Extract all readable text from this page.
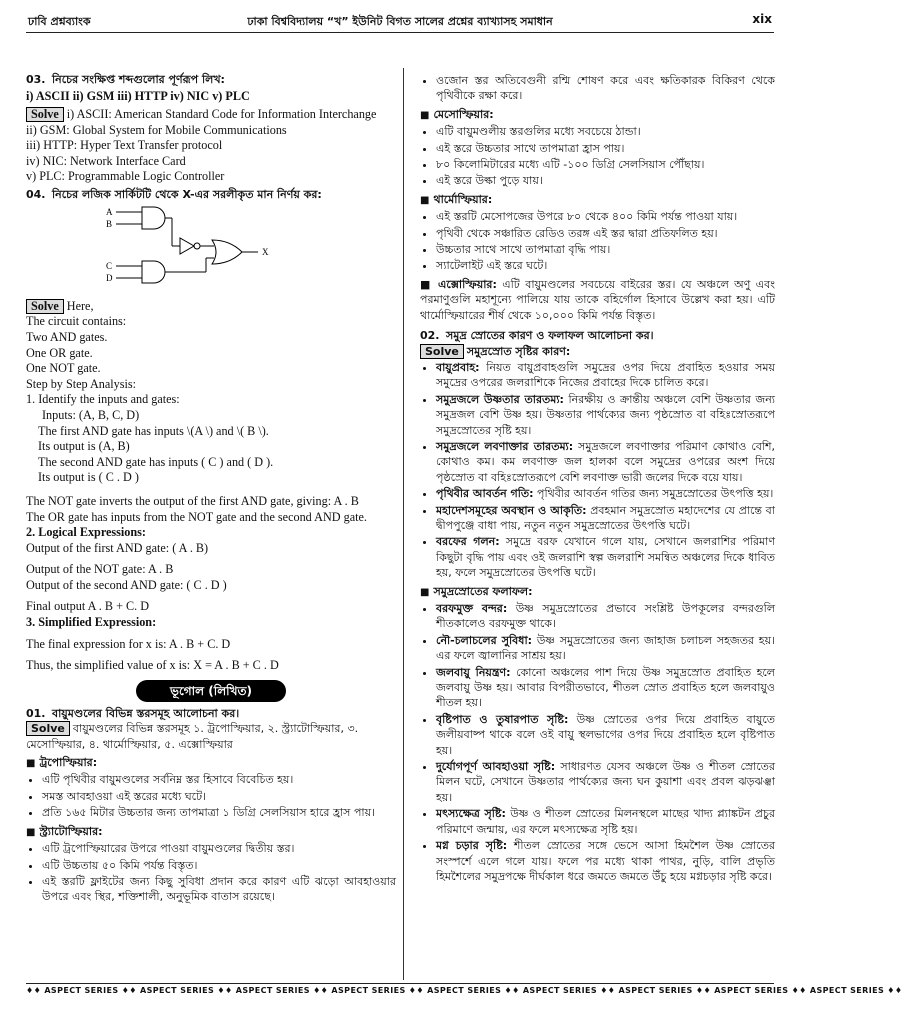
ঢাবি প্রশ্নব্যাংক	ঢাকা বিশ্ববিদ্যালয় “খ” ইউনিট বিগত সালের প্রশ্নের ব্যাখ্যাসহ সমাধান	xix
03. নিচের সংক্ষিপ্ত শব্দগুলোর পূর্ণরূপ লিখ:
i) ASCII ii) GSM iii) HTTP iv) NIC v) PLC
Solve i) ASCII: American Standard Code for Information Interchange
ii) GSM: Global System for Mobile Communications
iii) HTTP: Hyper Text Transfer protocol
iv) NIC: Network Interface Card
v) PLC: Programmable Logic Controller
04. নিচের লজিক সার্কিটটি থেকে X-এর সরলীকৃত মান নির্ণয় কর:
A
B
C
D
X
Solve Here,
The circuit contains:
Two AND gates.
One OR gate.
One NOT gate.
Step by Step Analysis:
1. Identify the inputs and gates:
Inputs: (A, B, C, D)
The first AND gate has inputs \(A \) and \( B \).
Its output is (A, B)
The second AND gate has inputs ( C ) and ( D ).
Its output is ( C . D )
The NOT gate inverts the output of the first AND gate, giving: A . B
The OR gate has inputs from the NOT gate and the second AND gate.
2. Logical Expressions:
Output of the first AND gate: ( A . B)
Output of the NOT gate: A . B
Output of the second AND gate: ( C . D )
Final output A . B + C. D
3. Simplified Expression:
The final expression for x is: A . B + C. D
Thus, the simplified value of x is: X = A . B + C . D
ভূগোল (লিখিত)
01. বায়ুমণ্ডলের বিভিন্ন স্তরসমূহ আলোচনা কর।
Solve বায়ুমণ্ডলের বিভিন্ন স্তরসমূহ ১. ট্রপোস্ফিয়ার, ২. স্ট্র্যাটোস্ফিয়ার, ৩. মেসোস্ফিয়ার, ৪. থার্মোস্ফিয়ার, ৫. এক্সোস্ফিয়ার
■ ট্রপোস্ফিয়ার:
• এটি পৃথিবীর বায়ুমণ্ডলের সর্বনিম্ন স্তর হিসাবে বিবেচিত হয়।
• সমস্ত আবহাওয়া এই স্তরের মধ্যে ঘটে।
• প্রতি ১৬৫ মিটার উচ্চতার জন্য তাপমাত্রা ১ ডিগ্রি সেলসিয়াস হারে হ্রাস পায়।
■ স্ট্র্যাটোস্ফিয়ার:
• এটি ট্রপোস্ফিয়ারের উপরে পাওয়া বায়ুমণ্ডলের দ্বিতীয় স্তর।
• এটি উচ্চতায় ৫০ কিমি পর্যন্ত বিস্তৃত।
• এই স্তরটি ফ্লাইটের জন্য কিছু সুবিধা প্রদান করে কারণ এটি ঝড়ো আবহাওয়ার উপরে এবং স্থির, শক্তিশালী, অনুভূমিক বাতাস রয়েছে।
• ওজোন স্তর অতিবেগুনী রশ্মি শোষণ করে এবং ক্ষতিকারক বিকিরণ থেকে পৃথিবীকে রক্ষা করে।
■ মেসোস্ফিয়ার:
• এটি বায়ুমণ্ডলীয় স্তরগুলির মধ্যে সবচেয়ে ঠান্ডা।
• এই স্তরে উচ্চতার সাথে তাপমাত্রা হ্রাস পায়।
• ৮০ কিলোমিটারের মধ্যে এটি -১০০ ডিগ্রি সেলসিয়াস পৌঁছায়।
• এই স্তরে উল্কা পুড়ে যায়।
■ থার্মোস্ফিয়ার:
• এই স্তরটি মেসোপজের উপরে ৮০ থেকে ৪০০ কিমি পর্যন্ত পাওয়া যায়।
• পৃথিবী থেকে সঞ্চারিত রেডিও তরঙ্গ এই স্তর দ্বারা প্রতিফলিত হয়।
• উচ্চতার সাথে সাথে তাপমাত্রা বৃদ্ধি পায়।
• স্যাটেলাইট এই স্তরে ঘটে।
■ এক্সোস্ফিয়ার: এটি বায়ুমণ্ডলের সবচেয়ে বাইরের স্তর। যে অঞ্চলে অণু এবং পরমাণুগুলি মহাশূন্যে পালিয়ে যায় তাকে বহির্গোল হিসাবে উল্লেখ করা হয়। এটি থার্মোস্ফিয়ারের শীর্ষ থেকে ১০,০০০ কিমি পর্যন্ত বিস্তৃত।
02. সমুদ্র স্রোতের কারণ ও ফলাফল আলোচনা কর।
Solve সমুদ্রস্রোত সৃষ্টির কারণ:
• বায়ুপ্রবাহ: নিয়ত বায়ুপ্রবাহগুলি সমুদ্রের ওপর দিয়ে প্রবাহিত হওয়ার সময় সমুদ্রের ওপরের জলরাশিকে নিজের প্রবাহের দিকে চালিত করে।
• সমুদ্রজলে উষ্ণতার তারতম্য: নিরক্ষীয় ও ক্রান্তীয় অঞ্চলে বেশি উষ্ণতার জন্য সমুদ্রজল বেশি উষ্ণ হয়। উষ্ণতার পার্থক্যের জন্য পৃষ্ঠস্রোত বা বহিঃস্রোতরূপে সমুদ্রস্রোতের সৃষ্টি হয়।
• সমুদ্রজলে লবণাক্তার তারতম্য: সমুদ্রজলে লবণাক্তার পরিমাণ কোথাও বেশি, কোথাও কম। কম লবণাক্ত জল হালকা বলে সমুদ্রের ওপরের অংশ দিয়ে পৃষ্ঠস্রোত বা বহিঃস্রোতরূপে বেশি লবণাক্ত ভারী জলের দিকে বয়ে যায়।
• পৃথিবীর আবর্তন গতি: পৃথিবীর আবর্তন গতির জন্য সমুদ্রস্রোতের উৎপত্তি হয়।
• মহাদেশসমূহের অবস্থান ও আকৃতি: প্রবহমান সমুদ্রস্রোত মহাদেশের যে প্রান্তে বা দ্বীপপুঞ্জে বাধা পায়, নতুন নতুন সমুদ্রস্রোতের উৎপত্তি ঘটে।
• বরফের গলন: সমুদ্রে বরফ যেখানে গলে যায়, সেখানে জলরাশির পরিমাণ কিছুটা বৃদ্ধি পায় এবং ওই জলরাশি স্বল্প জলরাশি সমন্বিত অঞ্চলের দিকে ধাবিত হয়, ফলে সমুদ্রস্রোতের উৎপত্তি ঘটে।
■ সমুদ্রস্রোতের ফলাফল:
• বরফমুক্ত বন্দর: উষ্ণ সমুদ্রস্রোতের প্রভাবে সংশ্লিষ্ট উপকূলের বন্দরগুলি শীতকালেও বরফমুক্ত থাকে।
• নৌ-চলাচলের সুবিধা: উষ্ণ সমুদ্রস্রোতের জন্য জাহাজ চলাচল সহজতর হয়। এর ফলে জ্বালানির সাশ্রয় হয়।
• জলবায়ু নিয়ন্ত্রণ: কোনো অঞ্চলের পাশ দিয়ে উষ্ণ সমুদ্রস্রোত প্রবাহিত হলে জলবায়ু উষ্ণ হয়। আবার বিপরীতভাবে, শীতল স্রোত প্রবাহিত হলে জলবায়ুও শীতল হয়।
• বৃষ্টিপাত ও তুষারপাত সৃষ্টি: উষ্ণ স্রোতের ওপর দিয়ে প্রবাহিত বায়ুতে জলীয়বাষ্প থাকে বলে ওই বায়ু স্থলভাগের ওপর দিয়ে প্রবাহিত হলে বৃষ্টিপাত হয়।
• দুর্যোগপূর্ণ আবহাওয়া সৃষ্টি: সাধারণত যেসব অঞ্চলে উষ্ণ ও শীতল স্রোতের মিলন ঘটে, সেখানে উষ্ণতার পার্থক্যের জন্য ঘন কুয়াশা এবং প্রবল ঝড়ঝঞ্ঝা হয়।
• মৎস্যক্ষেত্র সৃষ্টি: উষ্ণ ও শীতল স্রোতের মিলনস্থলে মাছের খাদ্য প্ল্যাঙ্কটন প্রচুর পরিমাণে জন্মায়, এর ফলে মৎস্যক্ষেত্র সৃষ্টি হয়।
• মগ্ন চড়ার সৃষ্টি: শীতল স্রোতের সঙ্গে ভেসে আসা হিমশৈল উষ্ণ স্রোতের সংস্পর্শে এলে গলে যায়। ফলে পর মধ্যে থাকা পাথর, নুড়ি, বালি প্রভৃতি হিমশৈলের সমুদ্রপক্ষে দীর্ঘকাল ধরে জমতে জমতে উঁচু হয়ে মগ্নচড়ার সৃষ্টি করে।
♦♦ ASPECT SERIES ♦♦ ASPECT SERIES ♦♦ ASPECT SERIES ♦♦ ASPECT SERIES ♦♦ ASPECT SERIES ♦♦ ASPECT SERIES ♦♦ ASPECT SERIES ♦♦ ASPECT SERIES ♦♦ ASPECT SERIES ♦♦
